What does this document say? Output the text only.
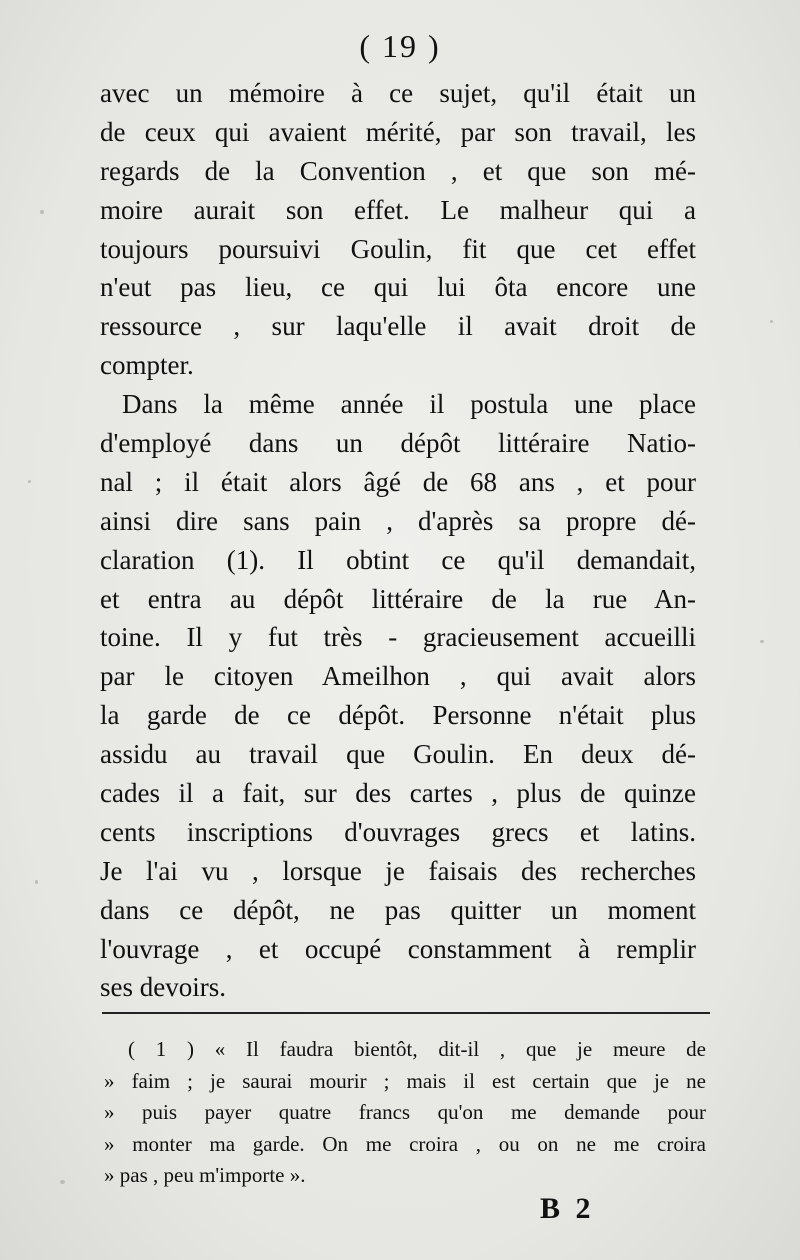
( 19 )
avec un mémoire à ce sujet, qu'il était un
de ceux qui avaient mérité, par son travail, les
regards de la Convention , et que son mé-
moire aurait son effet. Le malheur qui a
toujours poursuivi Goulin, fit que cet effet
n'eut pas lieu, ce qui lui ôta encore une
ressource , sur laqu'elle il avait droit de
compter.
Dans la même année il postula une place
d'employé dans un dépôt littéraire Natio-
nal ; il était alors âgé de 68 ans , et pour
ainsi dire sans pain , d'après sa propre dé-
claration (1). Il obtint ce qu'il demandait,
et entra au dépôt littéraire de la rue An-
toine. Il y fut très - gracieusement accueilli
par le citoyen Ameilhon , qui avait alors
la garde de ce dépôt. Personne n'était plus
assidu au travail que Goulin. En deux dé-
cades il a fait, sur des cartes , plus de quinze
cents inscriptions d'ouvrages grecs et latins.
Je l'ai vu , lorsque je faisais des recherches
dans ce dépôt, ne pas quitter un moment
l'ouvrage , et occupé constamment à remplir
ses devoirs.
( 1 ) « Il faudra bientôt, dit-il , que je meure de
» faim ; je saurai mourir ; mais il est certain que je ne
» puis payer quatre francs qu'on me demande pour
» monter ma garde. On me croira , ou on ne me croira
» pas , peu m'importe ».
B 2
